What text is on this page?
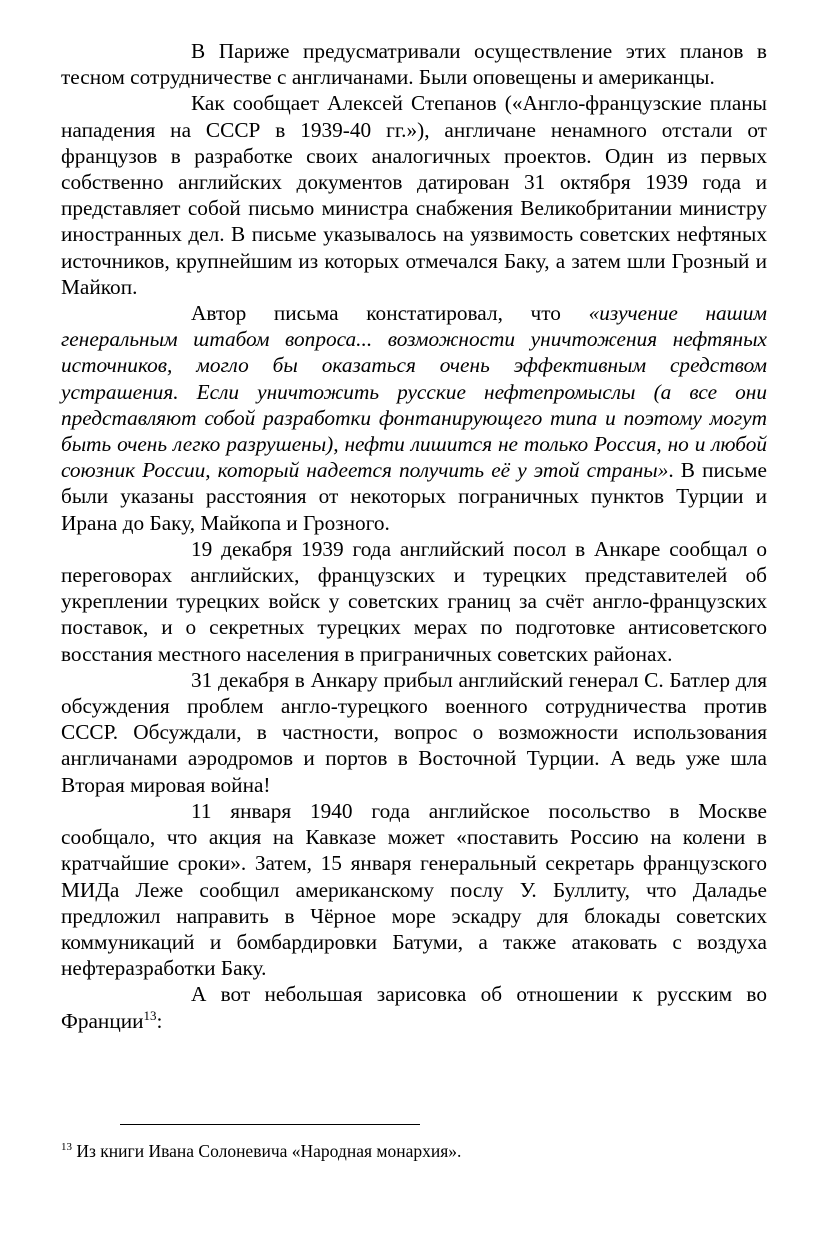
В Париже предусматривали осуществление этих планов в тесном сотрудничестве с англичанами. Были оповещены и американцы.

Как сообщает Алексей Степанов («Англо-французские планы нападения на СССР в 1939-40 гг.»), англичане ненамного отстали от французов в разработке своих аналогичных проектов. Один из первых собственно английских документов датирован 31 октября 1939 года и представляет собой письмо министра снабжения Великобритании министру иностранных дел. В письме указывалось на уязвимость советских нефтяных источников, крупнейшим из которых отмечался Баку, а затем шли Грозный и Майкоп.

Автор письма констатировал, что «изучение нашим генеральным штабом вопроса... возможности уничтожения нефтяных источников, могло бы оказаться очень эффективным средством устрашения. Если уничтожить русские нефтепромыслы (а все они представляют собой разработки фонтанирующего типа и поэтому могут быть очень легко разрушены), нефти лишится не только Россия, но и любой союзник России, который надеется получить её у этой страны». В письме были указаны расстояния от некоторых пограничных пунктов Турции и Ирана до Баку, Майкопа и Грозного.

19 декабря 1939 года английский посол в Анкаре сообщал о переговорах английских, французских и турецких представителей об укреплении турецких войск у советских границ за счёт англо-французских поставок, и о секретных турецких мерах по подготовке антисоветского восстания местного населения в приграничных советских районах.

31 декабря в Анкару прибыл английский генерал С. Батлер для обсуждения проблем англо-турецкого военного сотрудничества против СССР. Обсуждали, в частности, вопрос о возможности использования англичанами аэродромов и портов в Восточной Турции. А ведь уже шла Вторая мировая война!

11 января 1940 года английское посольство в Москве сообщало, что акция на Кавказе может «поставить Россию на колени в кратчайшие сроки». Затем, 15 января генеральный секретарь французского МИДа Леже сообщил американскому послу У. Буллиту, что Даладье предложил направить в Чёрное море эскадру для блокады советских коммуникаций и бомбардировки Батуми, а также атаковать с воздуха нефтеразработки Баку.

А вот небольшая зарисовка об отношении к русским во Франции$^{13}$:

$^{13}$ Из книги Ивана Солоневича «Народная монархия».
